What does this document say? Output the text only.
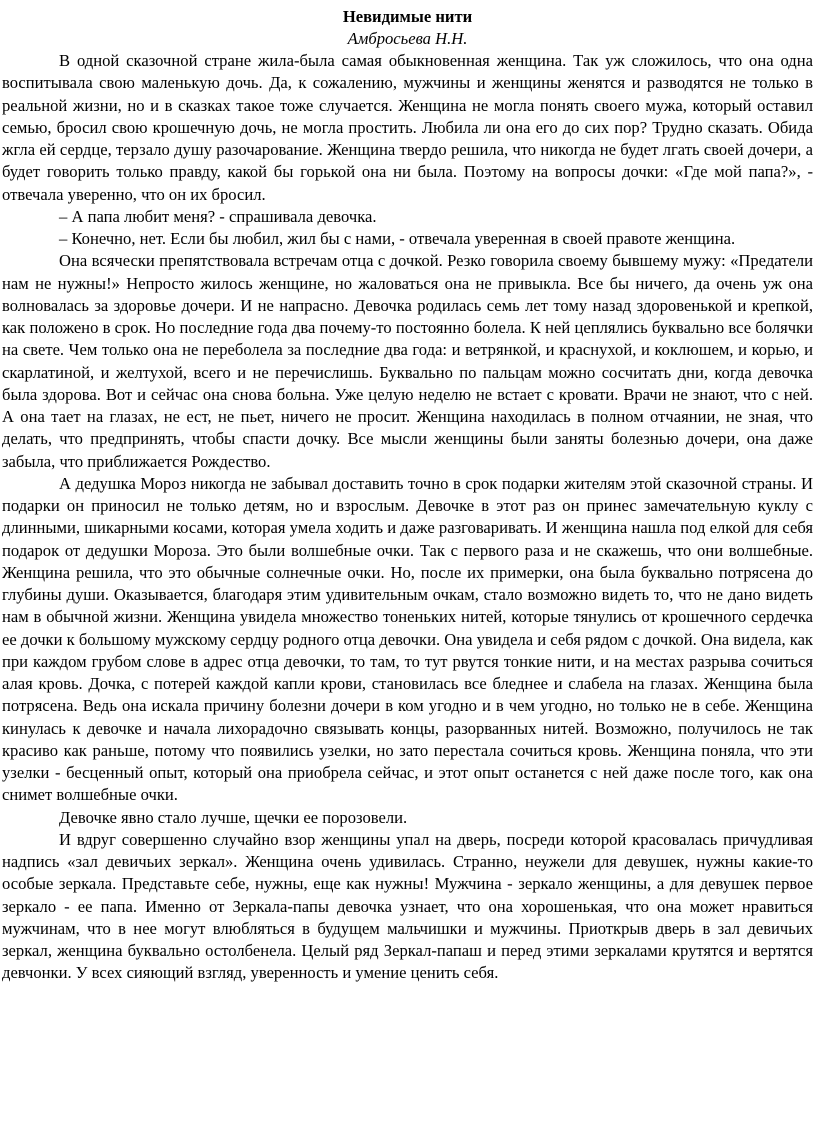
Невидимые нити

Амбросьева Н.Н.

В одной сказочной стране жила-была самая обыкновенная женщина. Так уж сложилось, что она одна воспитывала свою маленькую дочь. Да, к сожалению, мужчины и женщины женятся и разводятся не только в реальной жизни, но и в сказках такое тоже случается. Женщина не могла понять своего мужа, который оставил семью, бросил свою крошечную дочь, не могла простить. Любила ли она его до сих пор? Трудно сказать. Обида жгла ей сердце, терзало душу разочарование. Женщина твердо решила, что никогда не будет лгать своей дочери, а будет говорить только правду, какой бы горькой она ни была. Поэтому на вопросы дочки: «Где мой папа?», - отвечала уверенно, что он их бросил.

– А папа любит меня? - спрашивала девочка.

– Конечно, нет. Если бы любил, жил бы с нами, - отвечала уверенная в своей правоте женщина.

Она всячески препятствовала встречам отца с дочкой. Резко говорила своему бывшему мужу: «Предатели нам не нужны!» Непросто жилось женщине, но жаловаться она не привыкла. Все бы ничего, да очень уж она волновалась за здоровье дочери. И не напрасно. Девочка родилась семь лет тому назад здоровенькой и крепкой, как положено в срок. Но последние года два почему-то постоянно болела. К ней цеплялись буквально все болячки на свете. Чем только она не переболела за последние два года: и ветрянкой, и краснухой, и коклюшем, и корью, и скарлатиной, и желтухой, всего и не перечислишь. Буквально по пальцам можно сосчитать дни, когда девочка была здорова. Вот и сейчас она снова больна. Уже целую неделю не встает с кровати. Врачи не знают, что с ней. А она тает на глазах, не ест, не пьет, ничего не просит. Женщина находилась в полном отчаянии, не зная, что делать, что предпринять, чтобы спасти дочку. Все мысли женщины были заняты болезнью дочери, она даже забыла, что приближается Рождество.

А дедушка Мороз никогда не забывал доставить точно в срок подарки жителям этой сказочной страны. И подарки он приносил не только детям, но и взрослым. Девочке в этот раз он принес замечательную куклу с длинными, шикарными косами, которая умела ходить и даже разговаривать. И женщина нашла под елкой для себя подарок от дедушки Мороза. Это были волшебные очки. Так с первого раза и не скажешь, что они волшебные. Женщина решила, что это обычные солнечные очки. Но, после их примерки, она была буквально потрясена до глубины души. Оказывается, благодаря этим удивительным очкам, стало возможно видеть то, что не дано видеть нам в обычной жизни. Женщина увидела множество тоненьких нитей, которые тянулись от крошечного сердечка ее дочки к большому мужскому сердцу родного отца девочки. Она увидела и себя рядом с дочкой. Она видела, как при каждом грубом слове в адрес отца девочки, то там, то тут рвутся тонкие нити, и на местах разрыва сочиться алая кровь. Дочка, с потерей каждой капли крови, становилась все бледнее и слабела на глазах. Женщина была потрясена. Ведь она искала причину болезни дочери в ком угодно и в чем угодно, но только не в себе. Женщина кинулась к девочке и начала лихорадочно связывать концы, разорванных нитей. Возможно, получилось не так красиво как раньше, потому что появились узелки, но зато перестала сочиться кровь. Женщина поняла, что эти узелки - бесценный опыт, который она приобрела сейчас, и этот опыт останется с ней даже после того, как она снимет волшебные очки.

Девочке явно стало лучше, щечки ее порозовели.

И вдруг совершенно случайно взор женщины упал на дверь, посреди которой красовалась причудливая надпись «зал девичьих зеркал». Женщина очень удивилась. Странно, неужели для девушек, нужны какие-то особые зеркала. Представьте себе, нужны, еще как нужны! Мужчина - зеркало женщины, а для девушек первое зеркало - ее папа. Именно от Зеркала-папы девочка узнает, что она хорошенькая, что она может нравиться мужчинам, что в нее могут влюбляться в будущем мальчишки и мужчины. Приоткрыв дверь в зал девичьих зеркал, женщина буквально остолбенела. Целый ряд Зеркал-папаш и перед этими зеркалами крутятся и вертятся девчонки. У всех сияющий взгляд, уверенность и умение ценить себя.
